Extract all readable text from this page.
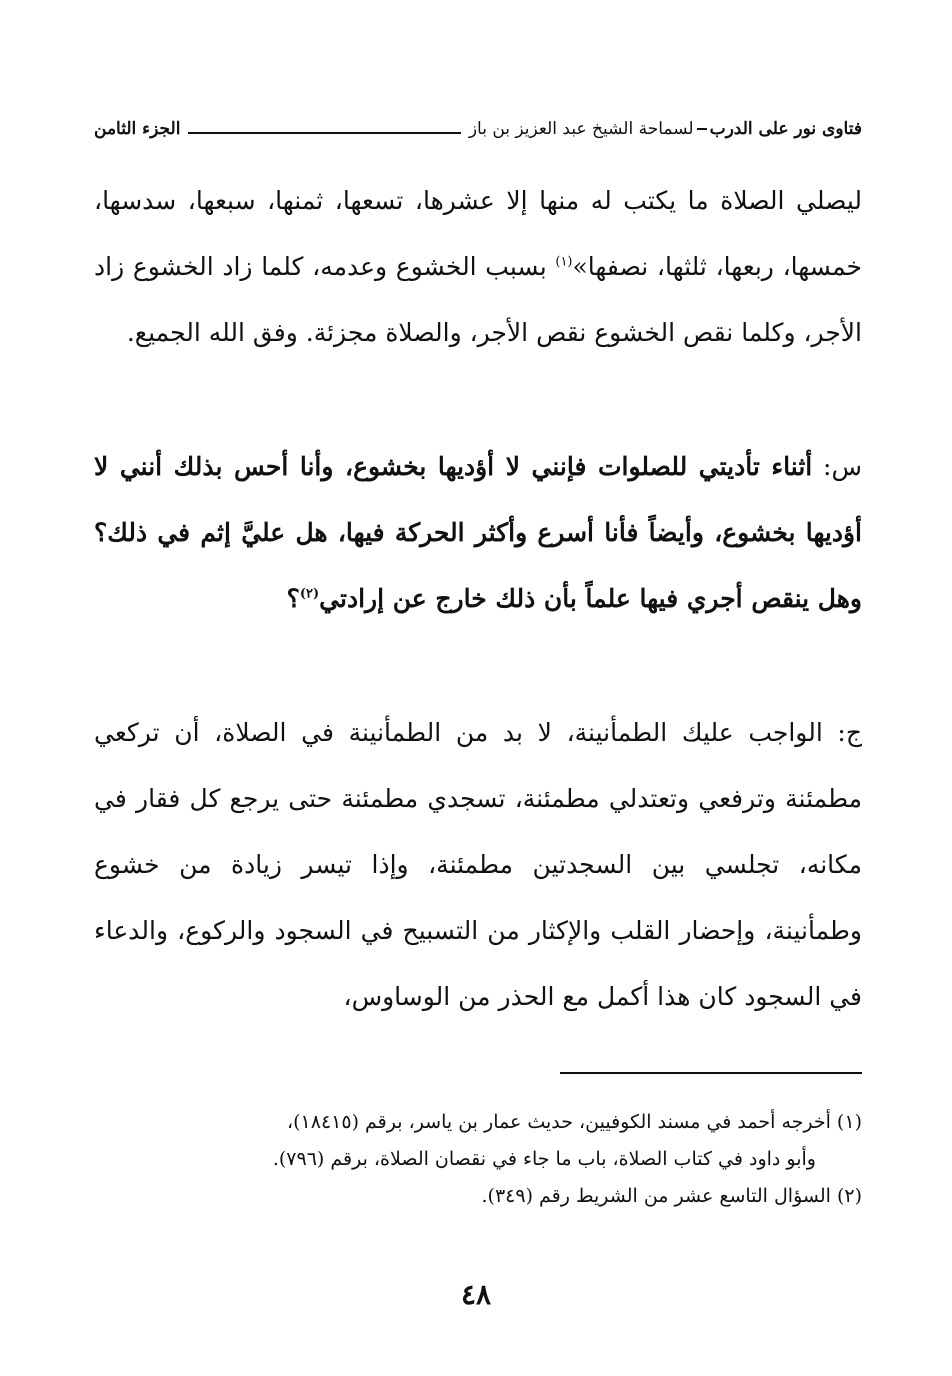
فتاوى نور على الدرب
لسماحة الشيخ عبد العزيز بن باز
الجزء الثامن

ليصلي الصلاة ما يكتب له منها إلا عشرها، تسعها، ثمنها، سبعها، سدسها، خمسها، ربعها، ثلثها، نصفها»$^{(١)}$ بسبب الخشوع وعدمه، كلما زاد الخشوع زاد الأجر، وكلما نقص الخشوع نقص الأجر، والصلاة مجزئة. وفق الله الجميع.

س: أثناء تأديتي للصلوات فإنني لا أؤديها بخشوع، وأنا أحس بذلك أنني لا أؤديها بخشوع، وأيضاً فأنا أسرع وأكثر الحركة فيها، هل عليَّ إثم في ذلك؟ وهل ينقص أجري فيها علماً بأن ذلك خارج عن إرادتي$^{(٢)}$؟

ج: الواجب عليك الطمأنينة، لا بد من الطمأنينة في الصلاة، أن تركعي مطمئنة وترفعي وتعتدلي مطمئنة، تسجدي مطمئنة حتى يرجع كل فقار في مكانه، تجلسي بين السجدتين مطمئنة، وإذا تيسر زيادة من خشوع وطمأنينة، وإحضار القلب والإكثار من التسبيح في السجود والركوع، والدعاء في السجود كان هذا أكمل مع الحذر من الوساوس،

(١) أخرجه أحمد في مسند الكوفيين، حديث عمار بن ياسر، برقم (١٨٤١٥)،
وأبو داود في كتاب الصلاة، باب ما جاء في نقصان الصلاة، برقم (٧٩٦).
(٢) السؤال التاسع عشر من الشريط رقم (٣٤٩).
٤٨
